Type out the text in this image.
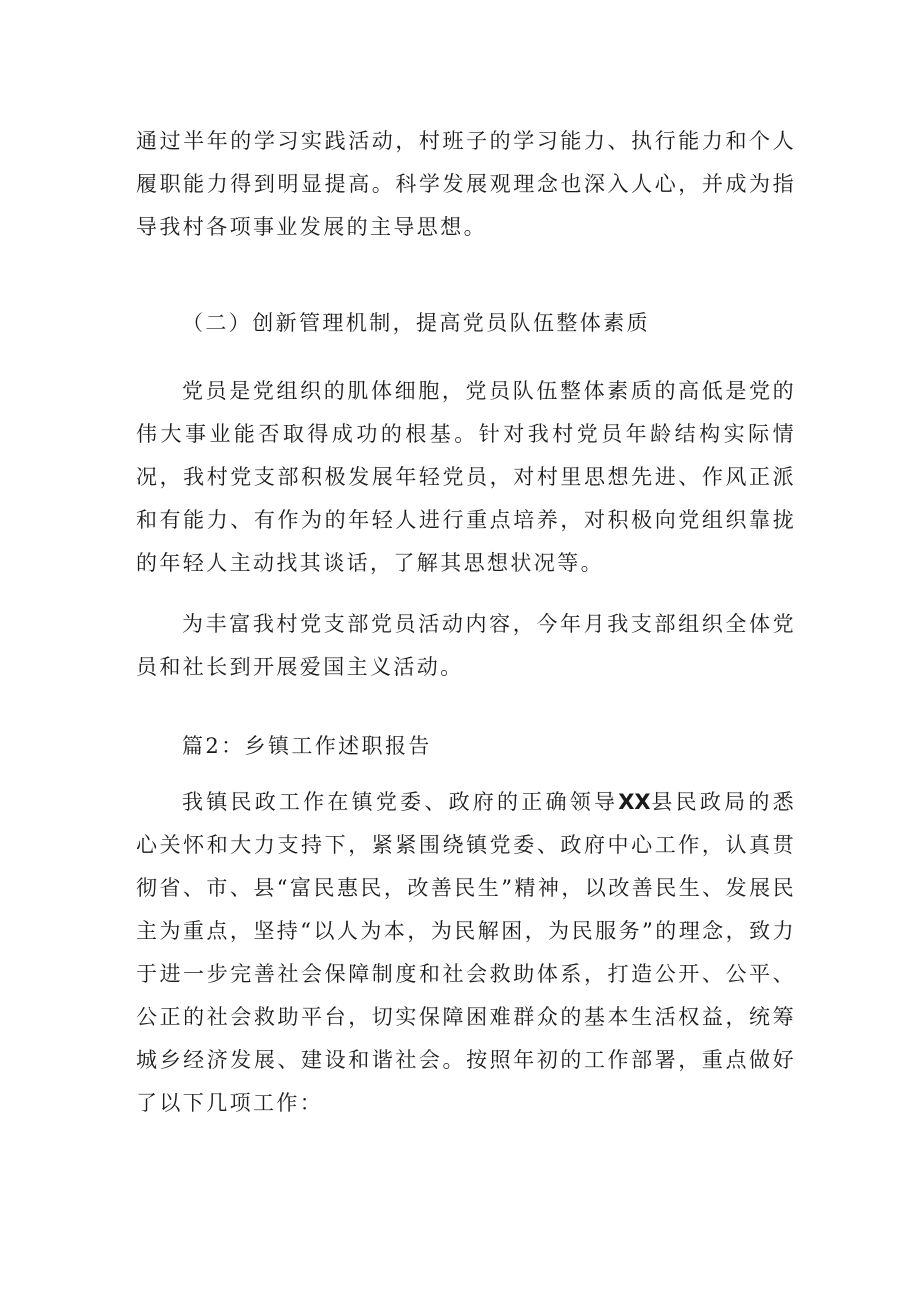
通过半年的学习实践活动，村班子的学习能力、执行能力和个人履职能力得到明显提高。科学发展观理念也深入人心，并成为指导我村各项事业发展的主导思想。

（二）创新管理机制，提高党员队伍整体素质

党员是党组织的肌体细胞，党员队伍整体素质的高低是党的伟大事业能否取得成功的根基。针对我村党员年龄结构实际情况，我村党支部积极发展年轻党员，对村里思想先进、作风正派和有能力、有作为的年轻人进行重点培养，对积极向党组织靠拢的年轻人主动找其谈话，了解其思想状况等。

为丰富我村党支部党员活动内容，今年月我支部组织全体党员和社长到开展爱国主义活动。

篇2：乡镇工作述职报告

我镇民政工作在镇党委、政府的正确领导XX县民政局的悉心关怀和大力支持下，紧紧围绕镇党委、政府中心工作，认真贯彻省、市、县“富民惠民，改善民生”精神，以改善民生、发展民主为重点，坚持“以人为本，为民解困，为民服务”的理念，致力于进一步完善社会保障制度和社会救助体系，打造公开、公平、公正的社会救助平台，切实保障困难群众的基本生活权益，统筹城乡经济发展、建设和谐社会。按照年初的工作部署，重点做好了以下几项工作：
